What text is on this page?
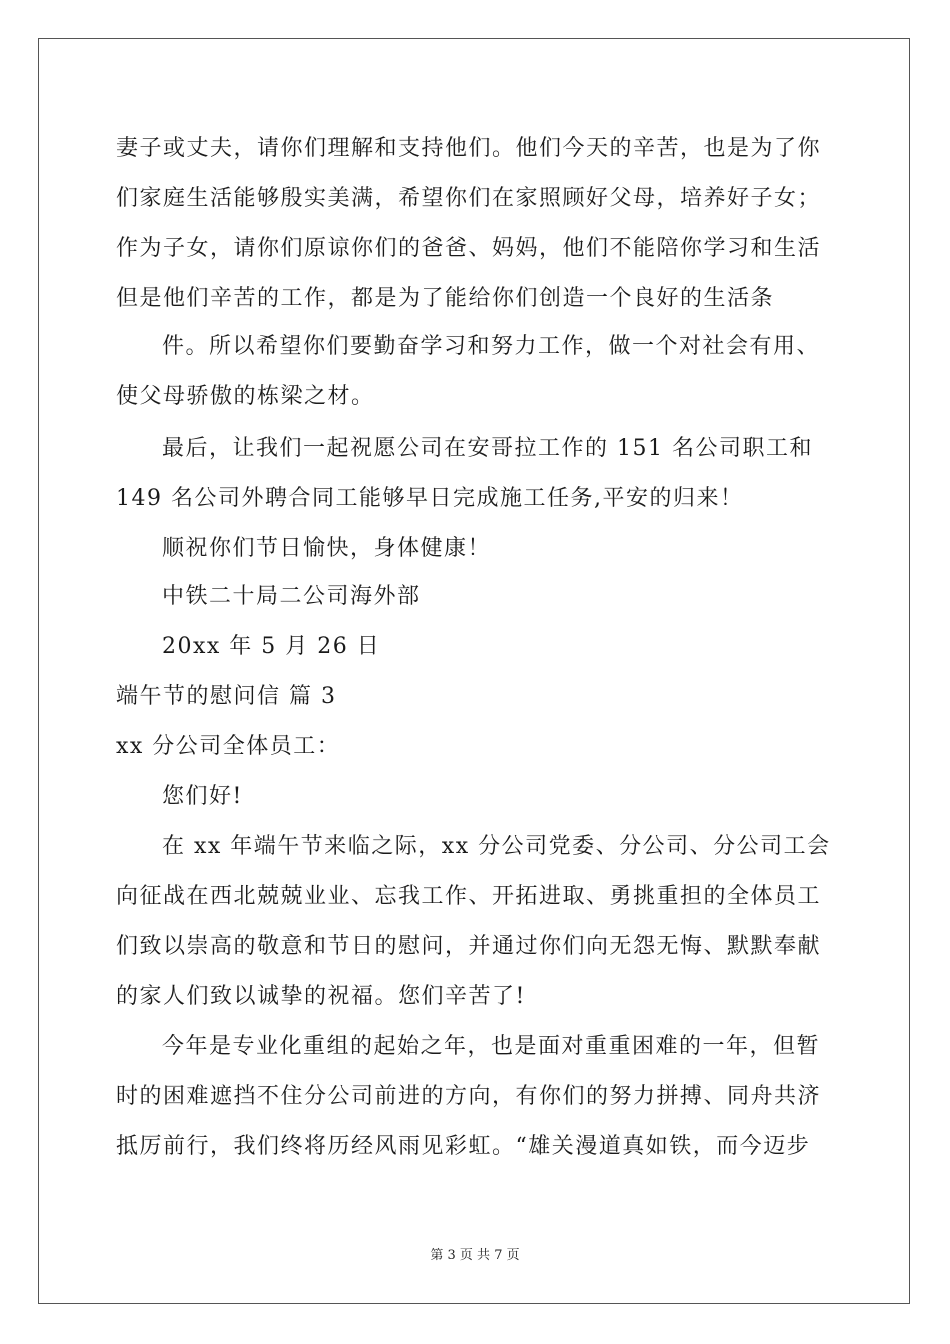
妻子或丈夫，请你们理解和支持他们。他们今天的辛苦，也是为了你
们家庭生活能够殷实美满，希望你们在家照顾好父母，培养好子女；
作为子女，请你们原谅你们的爸爸、妈妈，他们不能陪你学习和生活
但是他们辛苦的工作，都是为了能给你们创造一个良好的生活条
件。所以希望你们要勤奋学习和努力工作，做一个对社会有用、
使父母骄傲的栋梁之材。
最后，让我们一起祝愿公司在安哥拉工作的 151 名公司职工和
149 名公司外聘合同工能够早日完成施工任务,平安的归来！
顺祝你们节日愉快，身体健康！
中铁二十局二公司海外部
20xx 年 5 月 26 日
端午节的慰问信 篇 3
xx 分公司全体员工：
您们好!
在 xx 年端午节来临之际，xx 分公司党委、分公司、分公司工会
向征战在西北兢兢业业、忘我工作、开拓进取、勇挑重担的全体员工
们致以崇高的敬意和节日的慰问，并通过你们向无怨无悔、默默奉献
的家人们致以诚挚的祝福。您们辛苦了!
今年是专业化重组的起始之年，也是面对重重困难的一年，但暂
时的困难遮挡不住分公司前进的方向，有你们的努力拼搏、同舟共济
抵厉前行，我们终将历经风雨见彩虹。“雄关漫道真如铁，而今迈步
第 3 页 共 7 页
